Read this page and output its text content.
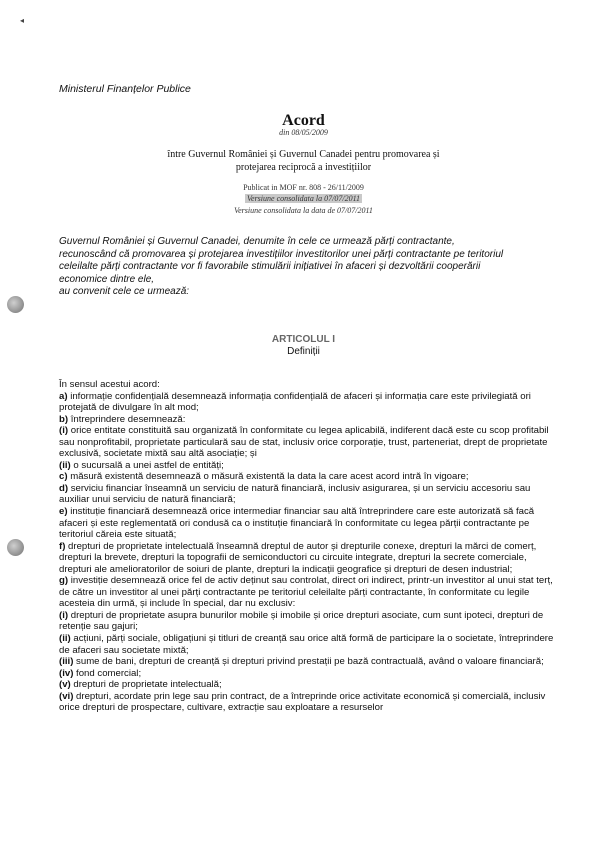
◂
Ministerul Finanțelor Publice
Acord
din 08/05/2009
între Guvernul României și Guvernul Canadei pentru promovarea și protejarea reciprocă a investițiilor
Publicat in MOF nr. 808 - 26/11/2009
Versiune consolidata la 07/07/2011
Versiune consolidata la data de 07/07/2011

Guvernul României și Guvernul Canadei, denumite în cele ce urmează părți contractante,

recunoscând că promovarea și protejarea investițiilor investitorilor unei părți contractante pe teritoriul

celeilalte părți contractante vor fi favorabile stimulării inițiativei în afaceri și dezvoltării cooperării

economice dintre ele,

au convenit cele ce urmează:

ARTICOLUL I
Definiții

În sensul acestui acord:

a) informație confidențială desemnează informația confidențială de afaceri și informația care este privilegiată ori protejată de divulgare în alt mod;

b) întreprindere desemnează:

(i) orice entitate constituită sau organizată în conformitate cu legea aplicabilă, indiferent dacă este cu scop profitabil sau nonprofitabil, proprietate particulară sau de stat, inclusiv orice corporație, trust, parteneriat, drept de proprietate exclusivă, societate mixtă sau altă asociație; și

(ii) o sucursală a unei astfel de entități;

c) măsură existentă desemnează o măsură existentă la data la care acest acord intră în vigoare;

d) serviciu financiar înseamnă un serviciu de natură financiară, inclusiv asigurarea, și un serviciu accesoriu sau auxiliar unui serviciu de natură financiară;

e) instituție financiară desemnează orice intermediar financiar sau altă întreprindere care este autorizată să facă afaceri și este reglementată ori condusă ca o instituție financiară în conformitate cu legea părții contractante pe teritoriul căreia este situată;

f) drepturi de proprietate intelectuală înseamnă dreptul de autor și drepturile conexe, drepturi la mărci de comerț, drepturi la brevete, drepturi la topografii de semiconductori cu circuite integrate, drepturi la secrete comerciale, drepturi ale amelioratorilor de soiuri de plante, drepturi la indicații geografice și drepturi de desen industrial;

g) investiție desemnează orice fel de activ deținut sau controlat, direct ori indirect, printr-un investitor al unui stat terț, de către un investitor al unei părți contractante pe teritoriul celeilalte părți contractante, în conformitate cu legile acesteia din urmă, și include în special, dar nu exclusiv:

(i) drepturi de proprietate asupra bunurilor mobile și imobile și orice drepturi asociate, cum sunt ipoteci, drepturi de retenție sau gajuri;

(ii) acțiuni, părți sociale, obligațiuni și titluri de creanță sau orice altă formă de participare la o societate, întreprindere de afaceri sau societate mixtă;

(iii) sume de bani, drepturi de creanță și drepturi privind prestații pe bază contractuală, având o valoare financiară;

(iv) fond comercial;

(v) drepturi de proprietate intelectuală;

(vi) drepturi, acordate prin lege sau prin contract, de a întreprinde orice activitate economică și comercială, inclusiv orice drepturi de prospectare, cultivare, extracție sau exploatare a resurselor
